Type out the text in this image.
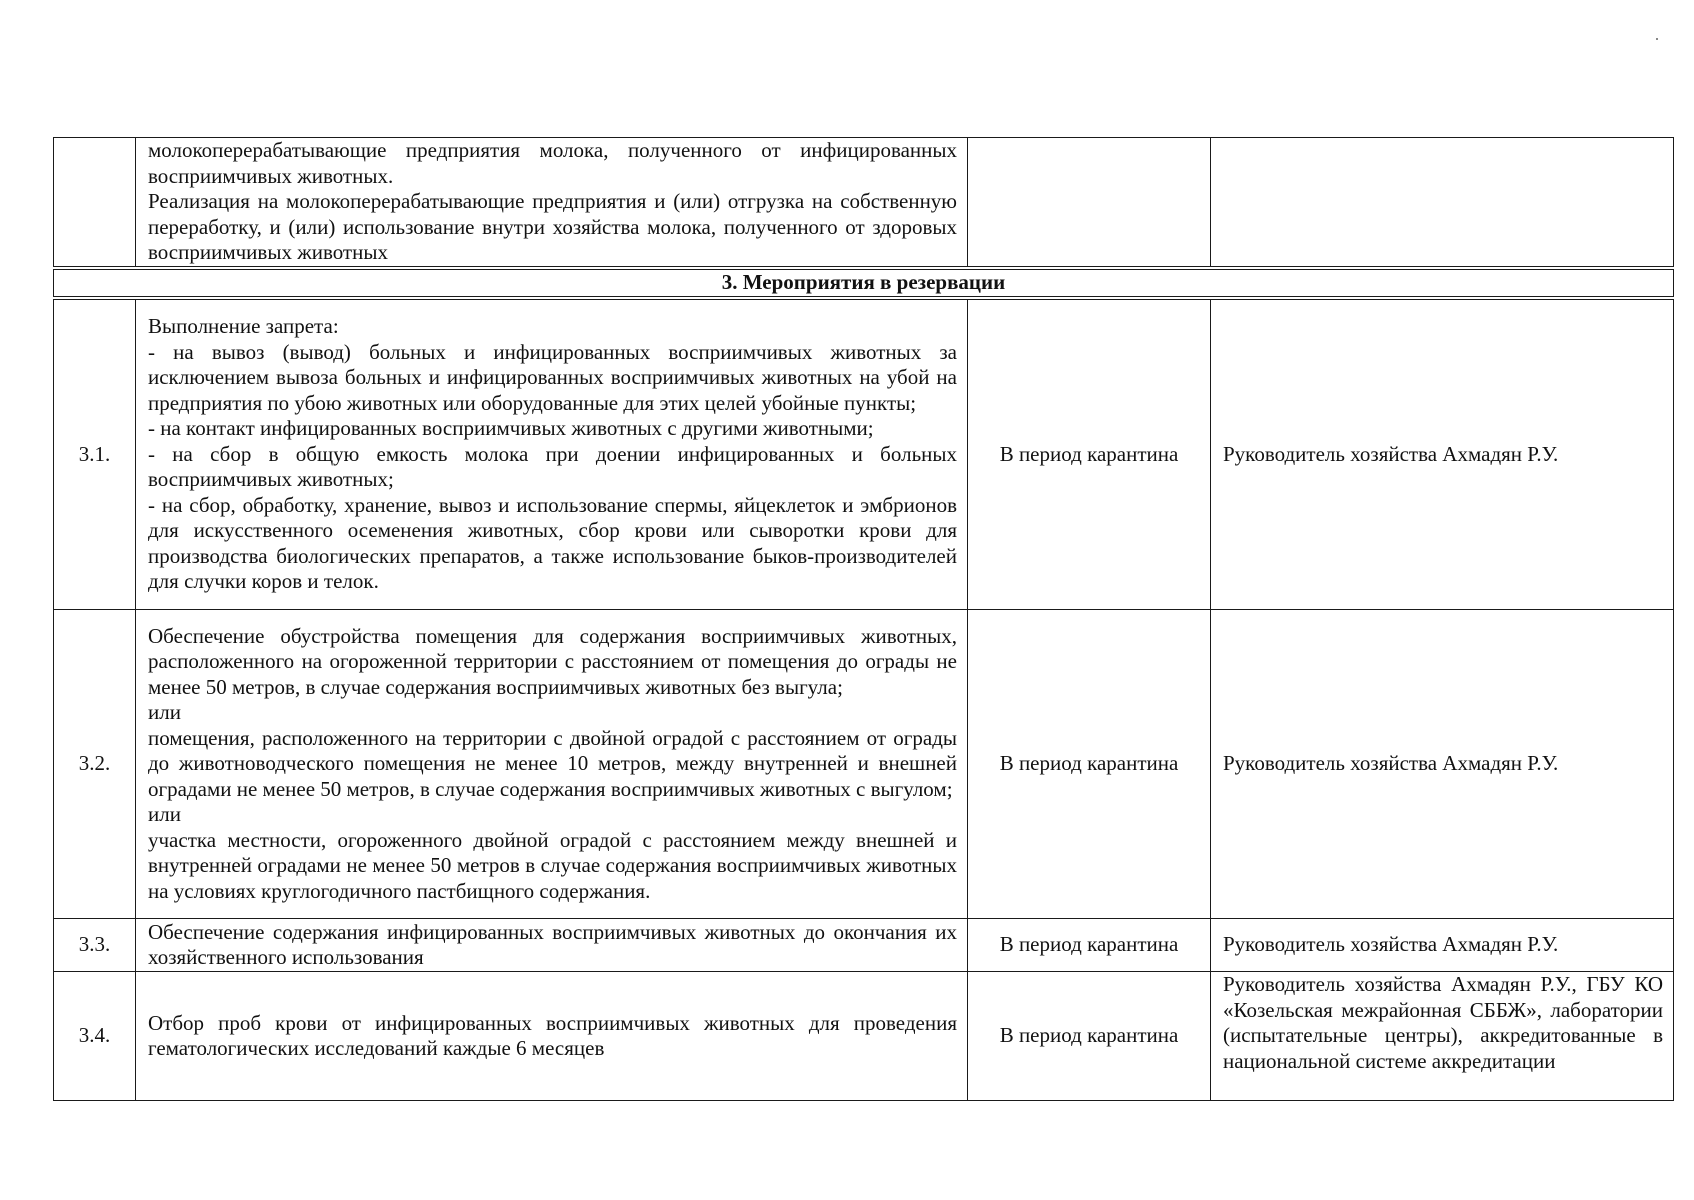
	молокоперерабатывающие предприятия молока, полученного от инфицированных восприимчивых животных.
Реализация на молокоперерабатывающие предприятия и (или) отгрузка на собственную переработку, и (или) использование внутри хозяйства молока, полученного от здоровых восприимчивых животных		

3. Мероприятия в резервации			
3.1.	Выполнение запрета:
- на вывоз (вывод) больных и инфицированных восприимчивых животных за исключением вывоза больных и инфицированных восприимчивых животных на убой на предприятия по убою животных или оборудованные для этих целей убойные пункты;
- на контакт инфицированных восприимчивых животных с другими животными;
- на сбор в общую емкость молока при доении инфицированных и больных восприимчивых животных;
- на сбор, обработку, хранение, вывоз и использование спермы, яйцеклеток и эмбрионов для искусственного осеменения животных, сбор крови или сыворотки крови для производства биологических препаратов, а также использование быков-производителей для случки коров и телок.	В период карантина	Руководитель хозяйства Ахмадян Р.У.
3.2.	Обеспечение обустройства помещения для содержания восприимчивых животных, расположенного на огороженной территории с расстоянием от помещения до ограды не менее 50 метров, в случае содержания восприимчивых животных без выгула;
или
помещения, расположенного на территории с двойной оградой с расстоянием от ограды до животноводческого помещения не менее 10 метров, между внутренней и внешней оградами не менее 50 метров, в случае содержания восприимчивых животных с выгулом;
или
участка местности, огороженного двойной оградой с расстоянием между внешней и внутренней оградами не менее 50 метров в случае содержания восприимчивых животных на условиях круглогодичного пастбищного содержания.	В период карантина	Руководитель хозяйства Ахмадян Р.У.
3.3.	Обеспечение содержания инфицированных восприимчивых животных до окончания их хозяйственного использования	В период карантина	Руководитель хозяйства Ахмадян Р.У.
3.4.	Отбор проб крови от инфицированных восприимчивых животных для проведения гематологических исследований каждые 6 месяцев	В период карантина	Руководитель хозяйства Ахмадян Р.У., ГБУ КО «Козельская межрайонная СББЖ», лаборатории (испытательные центры), аккредитованные в национальной системе аккредитации
